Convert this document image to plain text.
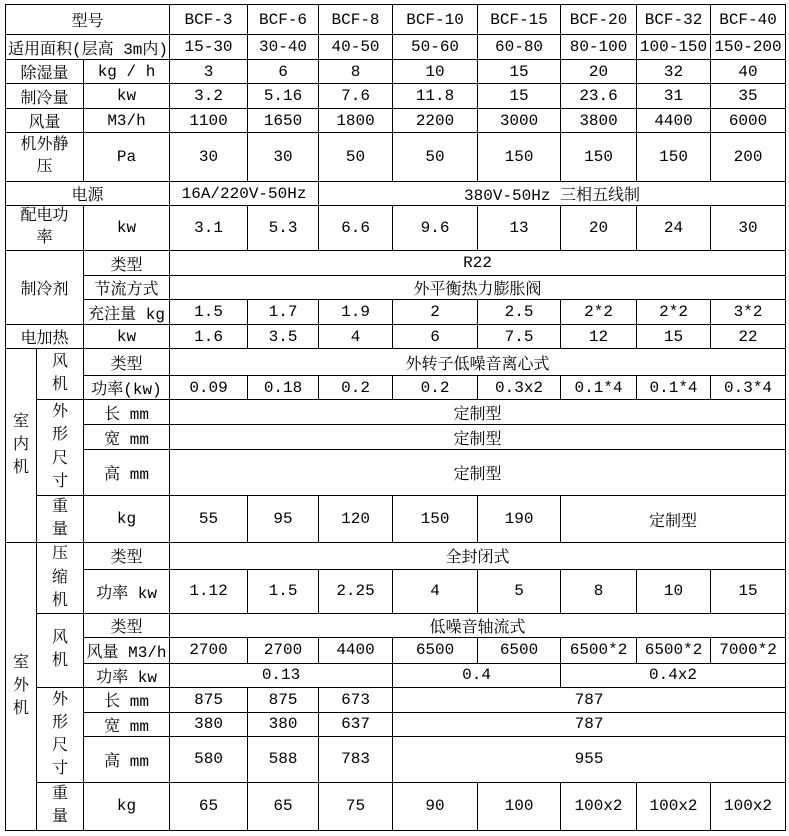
型号			BCF-3	BCF-6	BCF-8	BCF-10	BCF-15	BCF-20	BCF-32	BCF-40
适用面积(层高 3m内)			15-30	30-40	40-50	50-60	60-80	80-100	100-150	150-200
除湿量		kg / h	3	6	8	10	15	20	32	40
制冷量		kw	3.2	5.16	7.6	11.8	15	23.6	31	35
风量		M3/h	1100	1650	1800	2200	3000	3800	4400	6000
机外静压		Pa	30	30	50	50	150	150	150	200
电源			16A/220V-50Hz		380V-50Hz 三相五线制					
配电功率		kw	3.1	5.3	6.6	9.6	13	20	24	30
制冷剂		类型	R22							
		节流方式	外平衡热力膨胀阀							
		充注量 kg	1.5	1.7	1.9	2	2.5	2*2	2*2	3*2
电加热		kw	1.6	3.5	4	6	7.5	12	15	22
室内机	风机	类型	外转子低噪音离心式							
		功率(kw)	0.09	0.18	0.2	0.2	0.3x2	0.1*4	0.1*4	0.3*4
	外形尺寸	长 mm	定制型							
		宽 mm	定制型							
		高 mm	定制型							
	重量	kg	55	95	120	150	190	定制型		
室外机	压缩机	类型	全封闭式							
		功率 kw	1.12	1.5	2.25	4	5	8	10	15
	风机	类型	低噪音轴流式							
		风量 M3/h	2700	2700	4400	6500	6500	6500*2	6500*2	7000*2
		功率 kw	0.13			0.4		0.4x2		
	外形尺寸	长 mm	875	875	673	787				
		宽 mm	380	380	637	787				
		高 mm	580	588	783	955				
	重量	kg	65	65	75	90	100	100x2	100x2	100x2
